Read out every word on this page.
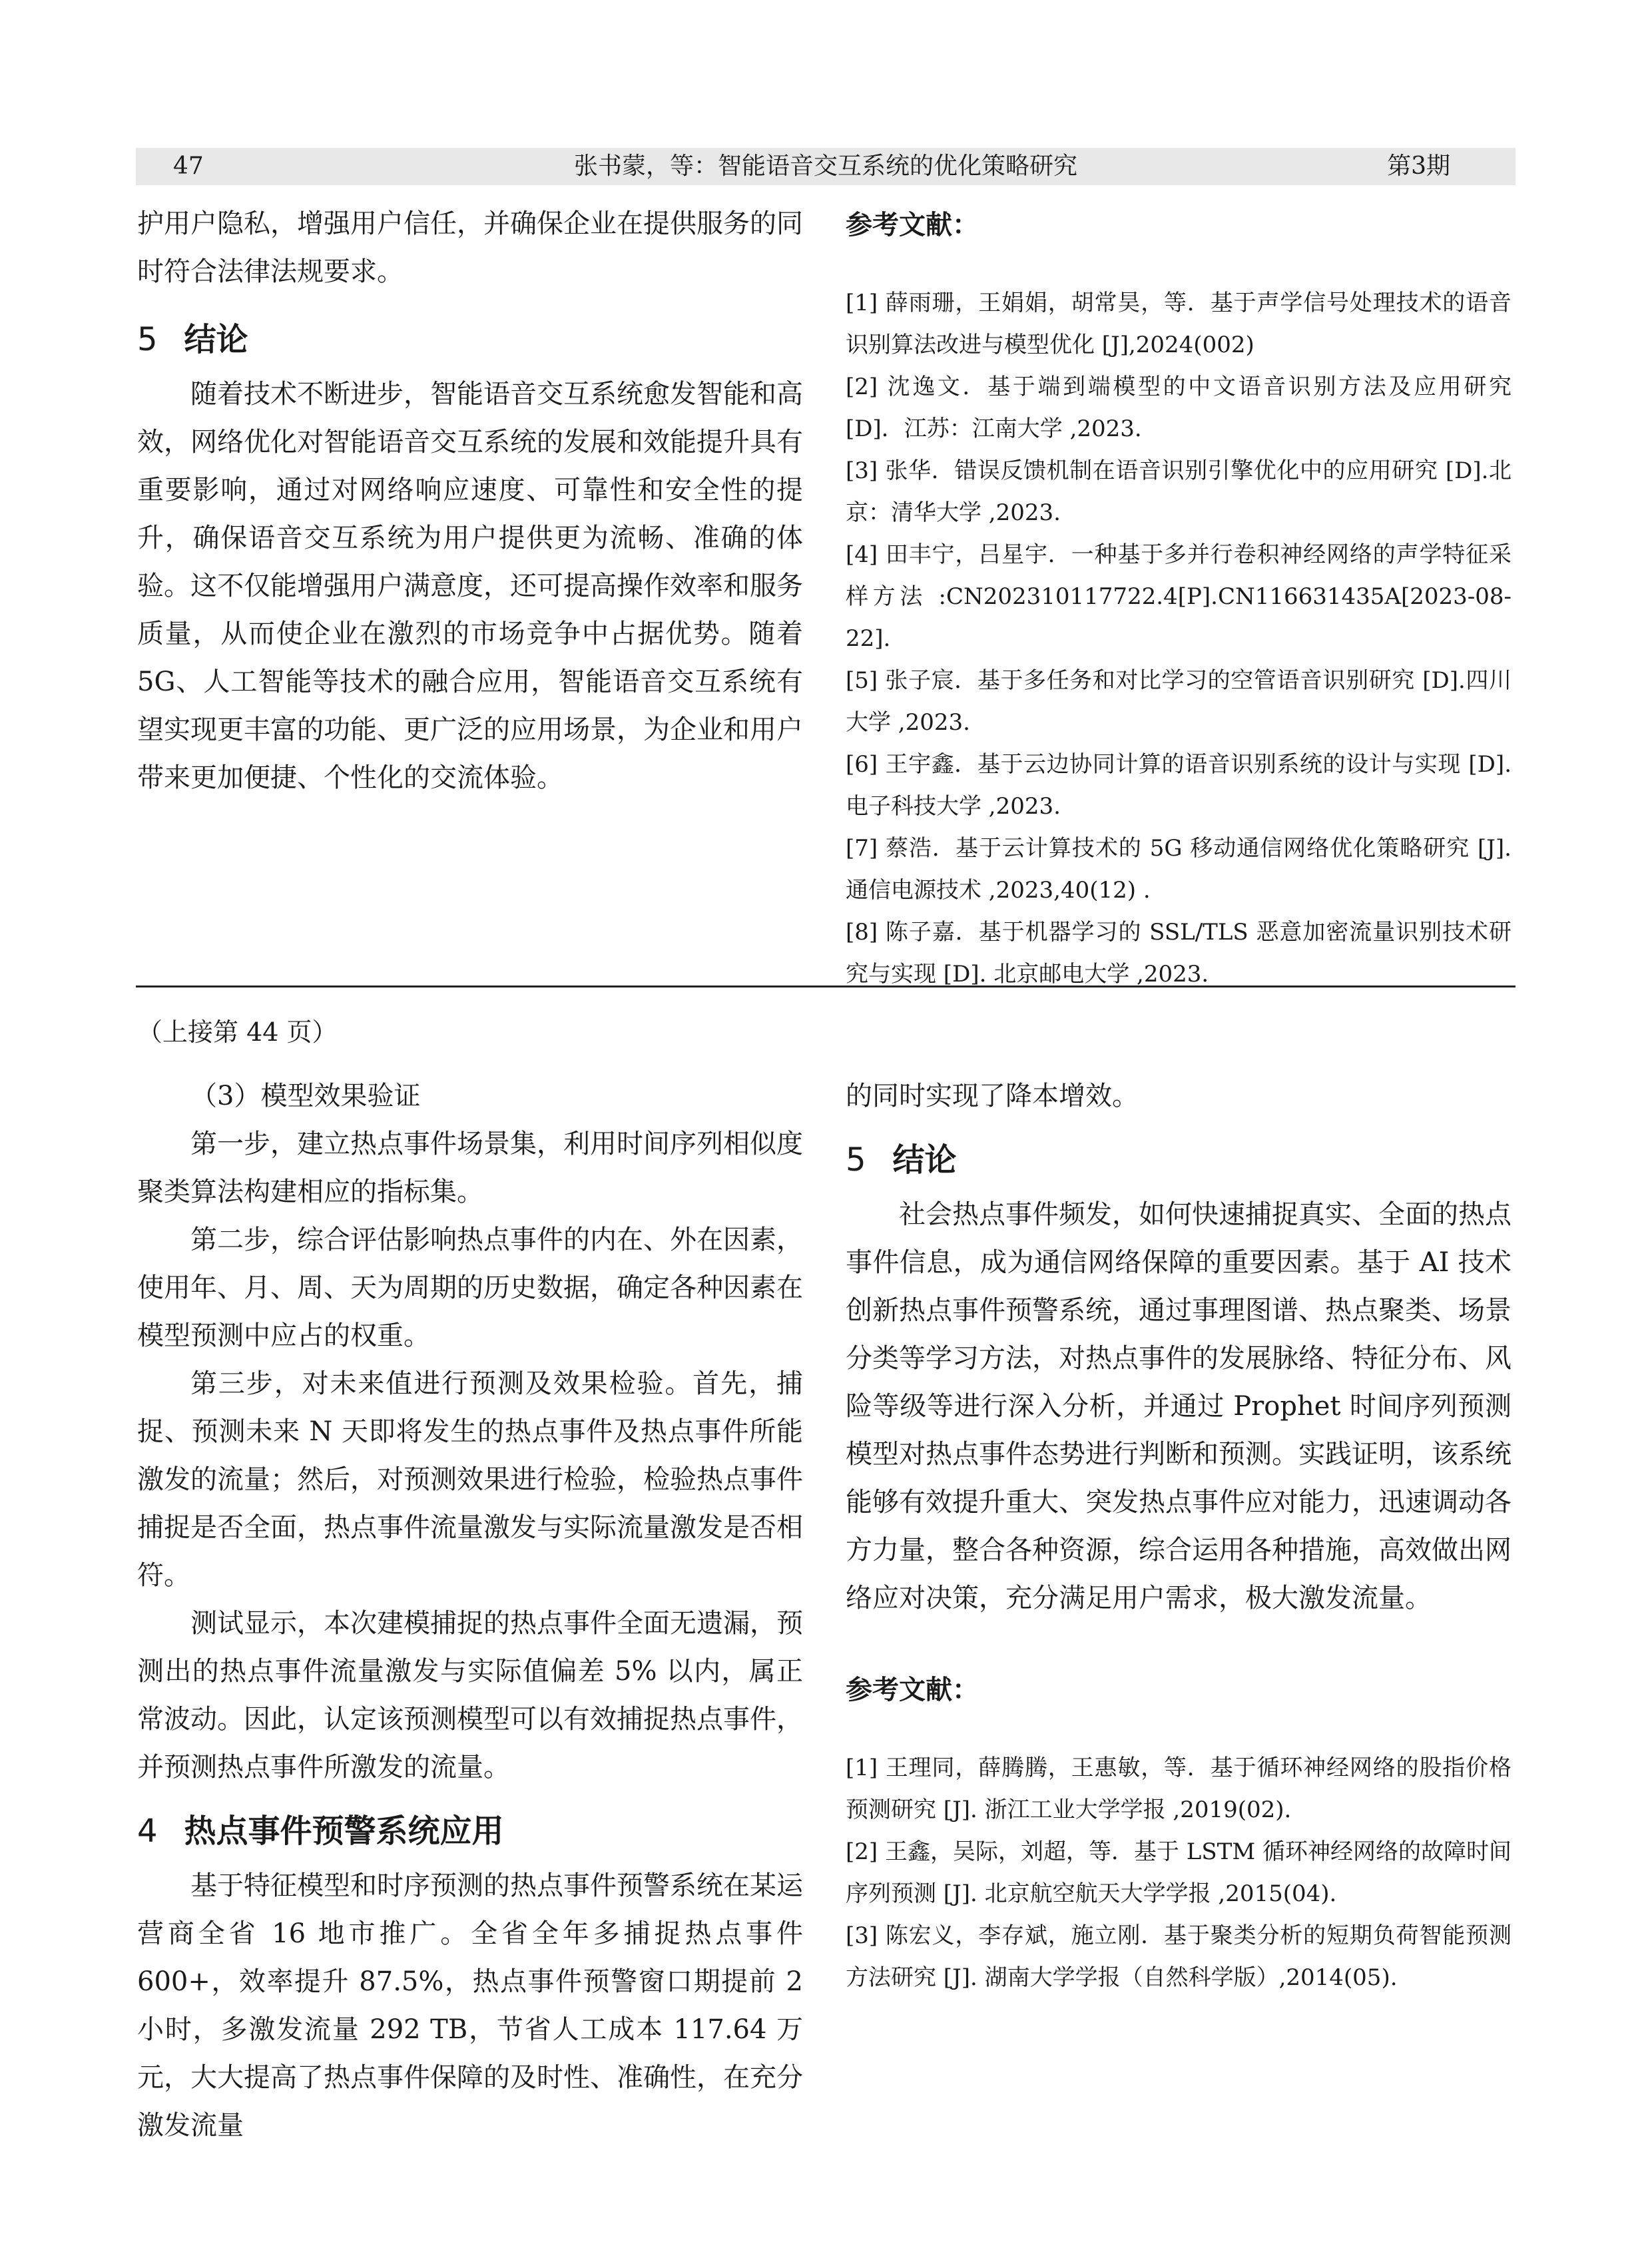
张书蒙，等：智能语音交互系统的优化策略研究
47	第3期

护用户隐私，增强用户信任，并确保企业在提供服务的同时符合法律法规要求。

5 结论

随着技术不断进步，智能语音交互系统愈发智能和高效，网络优化对智能语音交互系统的发展和效能提升具有重要影响，通过对网络响应速度、可靠性和安全性的提升，确保语音交互系统为用户提供更为流畅、准确的体验。这不仅能增强用户满意度，还可提高操作效率和服务质量，从而使企业在激烈的市场竞争中占据优势。随着5G、人工智能等技术的融合应用，智能语音交互系统有望实现更丰富的功能、更广泛的应用场景，为企业和用户带来更加便捷、个性化的交流体验。

参考文献：

[1] 薛雨珊，王娟娟，胡常昊，等．基于声学信号处理技术的语音识别算法改进与模型优化 [J],2024(002)

[2] 沈逸文．基于端到端模型的中文语音识别方法及应用研究 [D]．江苏：江南大学 ,2023.

[3] 张华．错误反馈机制在语音识别引擎优化中的应用研究 [D].北京：清华大学 ,2023.

[4] 田丰宁，吕星宇．一种基于多并行卷积神经网络的声学特征采样方法 :CN202310117722.4[P].CN116631435A[2023-08-22].

[5] 张子宸．基于多任务和对比学习的空管语音识别研究 [D].四川大学 ,2023.

[6] 王宇鑫．基于云边协同计算的语音识别系统的设计与实现 [D]. 电子科技大学 ,2023.

[7] 蔡浩．基于云计算技术的 5G 移动通信网络优化策略研究 [J]. 通信电源技术 ,2023,40(12) .

[8] 陈子嘉．基于机器学习的 SSL/TLS 恶意加密流量识别技术研究与实现 [D]. 北京邮电大学 ,2023.

（上接第 44 页）

（3）模型效果验证

第一步，建立热点事件场景集，利用时间序列相似度聚类算法构建相应的指标集。

第二步，综合评估影响热点事件的内在、外在因素，使用年、月、周、天为周期的历史数据，确定各种因素在模型预测中应占的权重。

第三步，对未来值进行预测及效果检验。首先，捕捉、预测未来 N 天即将发生的热点事件及热点事件所能激发的流量；然后，对预测效果进行检验，检验热点事件捕捉是否全面，热点事件流量激发与实际流量激发是否相符。

测试显示，本次建模捕捉的热点事件全面无遗漏，预测出的热点事件流量激发与实际值偏差 5% 以内，属正常波动。因此，认定该预测模型可以有效捕捉热点事件，并预测热点事件所激发的流量。

4 热点事件预警系统应用

基于特征模型和时序预测的热点事件预警系统在某运营商全省 16 地市推广。全省全年多捕捉热点事件 600+，效率提升 87.5%，热点事件预警窗口期提前 2 小时，多激发流量 292 TB，节省人工成本 117.64 万元，大大提高了热点事件保障的及时性、准确性，在充分激发流量

的同时实现了降本增效。

5 结论

社会热点事件频发，如何快速捕捉真实、全面的热点事件信息，成为通信网络保障的重要因素。基于 AI 技术创新热点事件预警系统，通过事理图谱、热点聚类、场景分类等学习方法，对热点事件的发展脉络、特征分布、风险等级等进行深入分析，并通过 Prophet 时间序列预测模型对热点事件态势进行判断和预测。实践证明，该系统能够有效提升重大、突发热点事件应对能力，迅速调动各方力量，整合各种资源，综合运用各种措施，高效做出网络应对决策，充分满足用户需求，极大激发流量。

参考文献：

[1] 王理同，薛腾腾，王惠敏，等．基于循环神经网络的股指价格预测研究 [J]. 浙江工业大学学报 ,2019(02).

[2] 王鑫，吴际，刘超，等．基于 LSTM 循环神经网络的故障时间序列预测 [J]. 北京航空航天大学学报 ,2015(04).

[3] 陈宏义，李存斌，施立刚．基于聚类分析的短期负荷智能预测方法研究 [J]. 湖南大学学报（自然科学版）,2014(05).
